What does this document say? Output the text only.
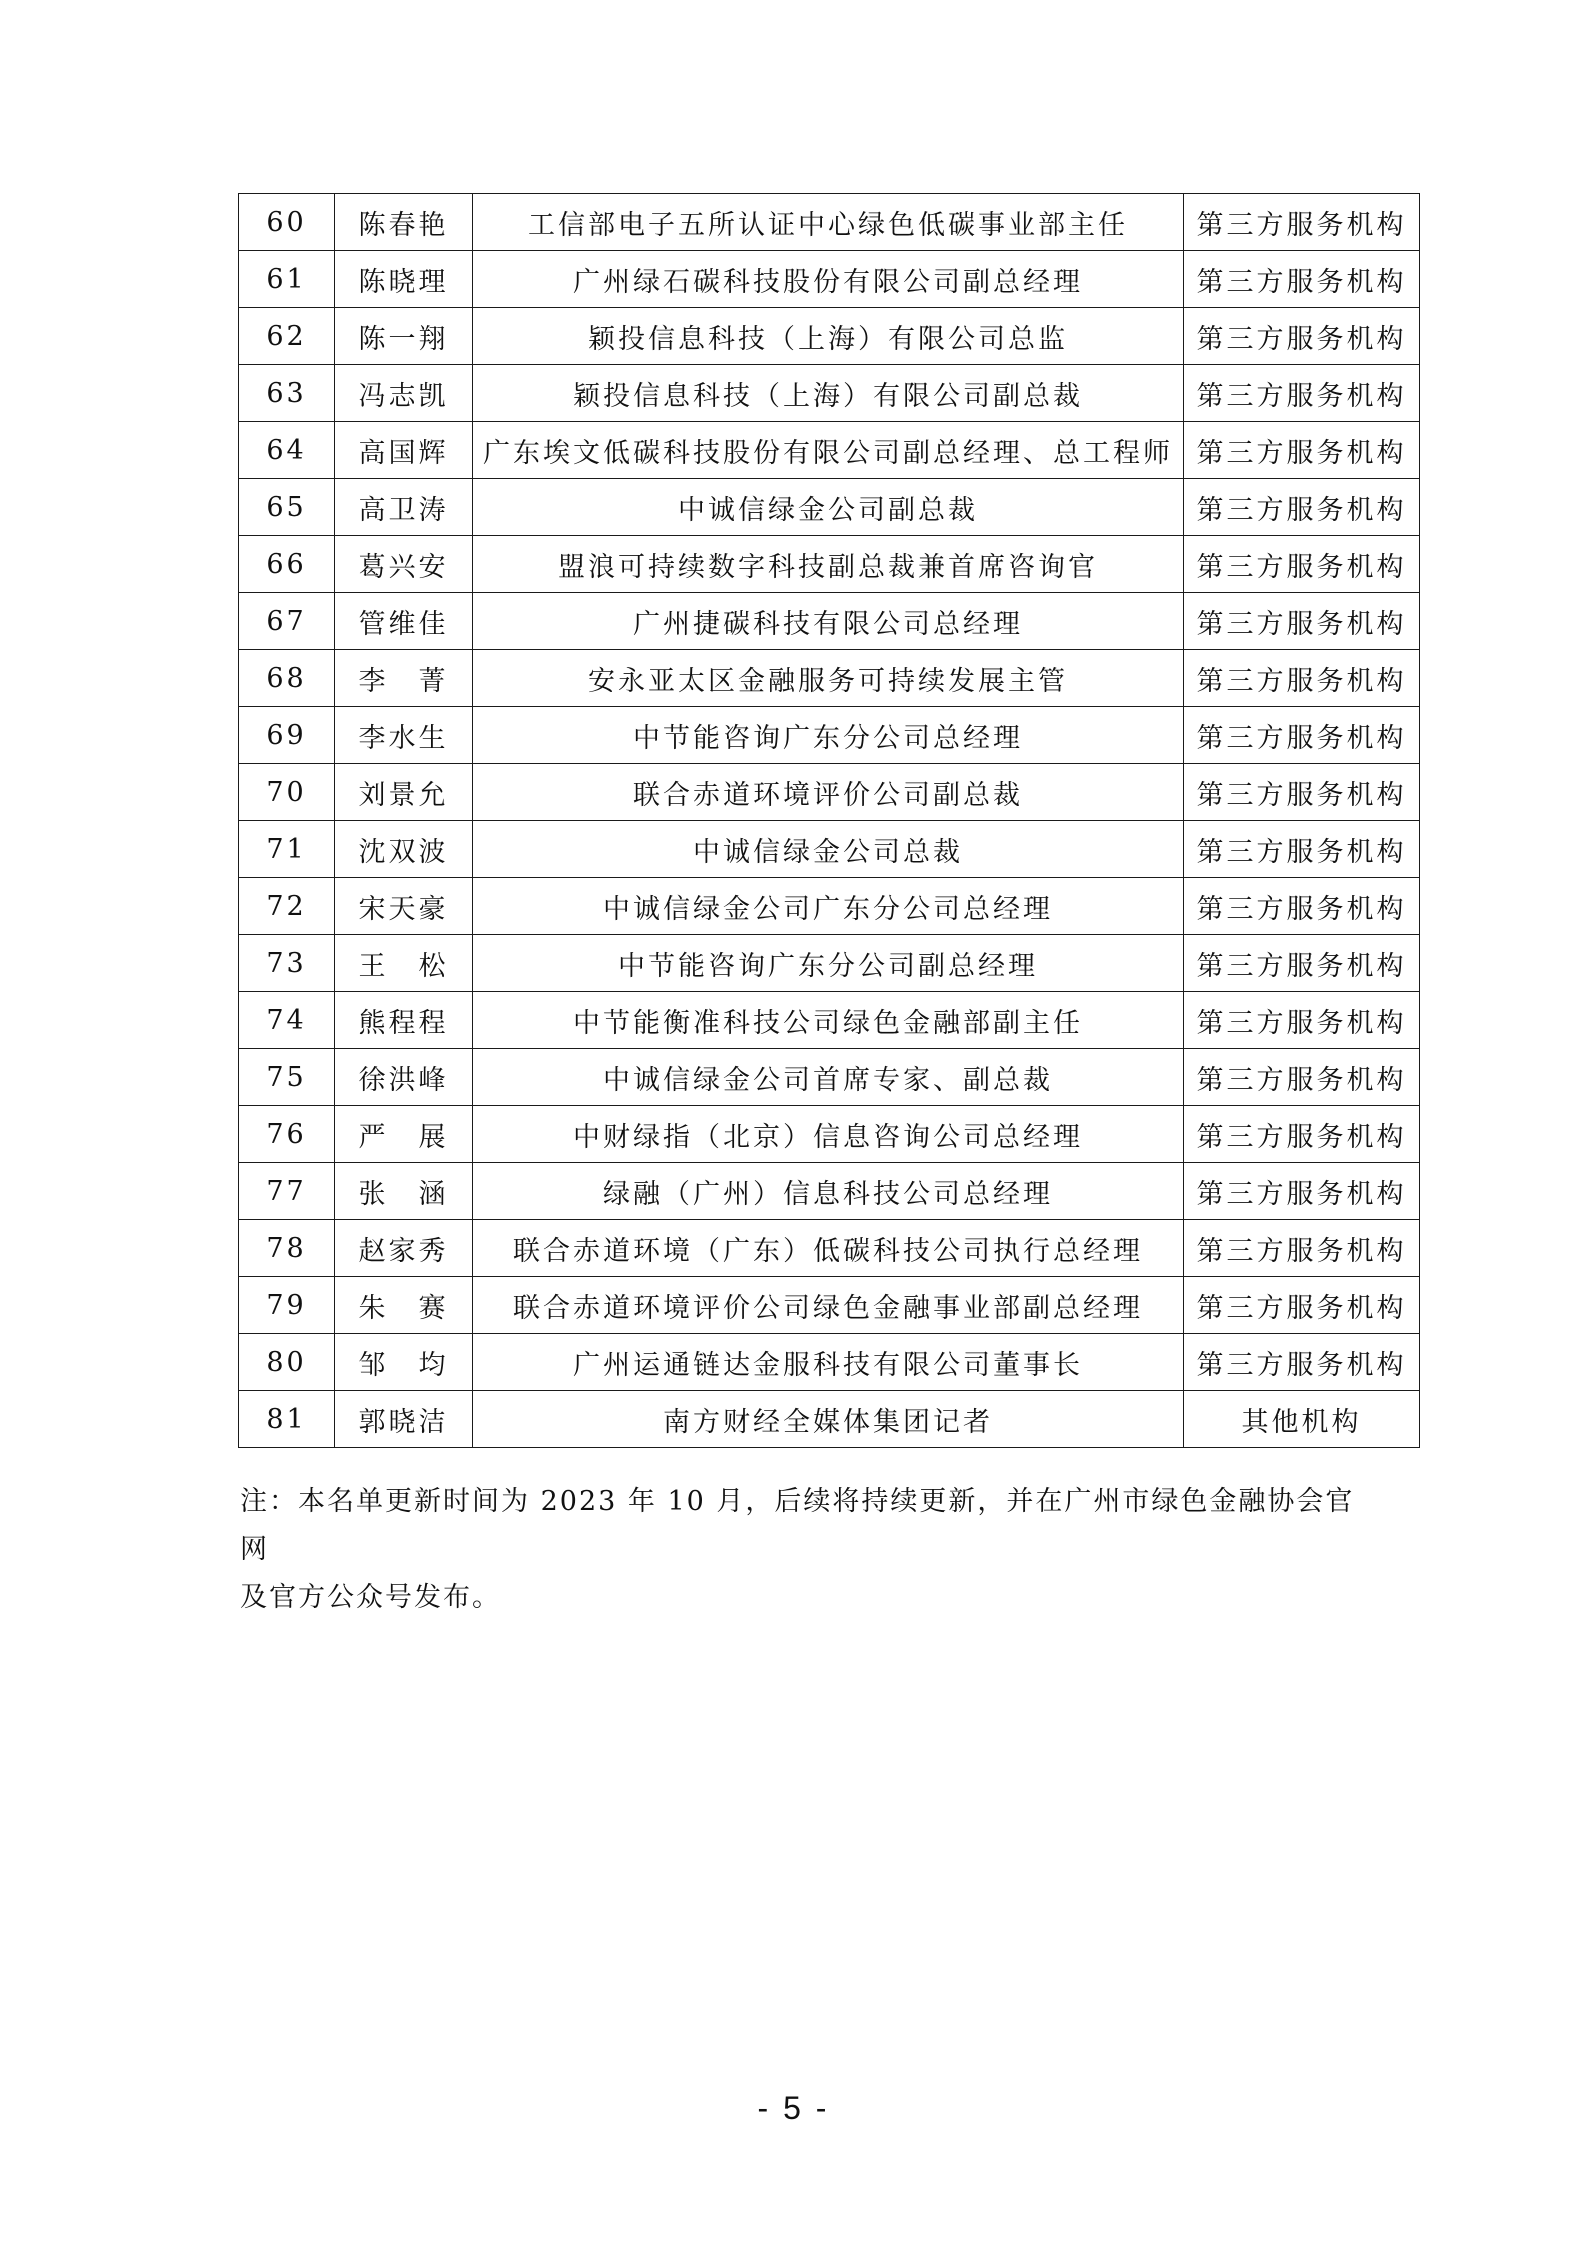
60	陈春艳	工信部电子五所认证中心绿色低碳事业部主任	第三方服务机构
61	陈晓理	广州绿石碳科技股份有限公司副总经理	第三方服务机构
62	陈一翔	颖投信息科技（上海）有限公司总监	第三方服务机构
63	冯志凯	颖投信息科技（上海）有限公司副总裁	第三方服务机构
64	高国辉	广东埃文低碳科技股份有限公司副总经理、总工程师	第三方服务机构
65	高卫涛	中诚信绿金公司副总裁	第三方服务机构
66	葛兴安	盟浪可持续数字科技副总裁兼首席咨询官	第三方服务机构
67	管维佳	广州捷碳科技有限公司总经理	第三方服务机构
68	李　菁	安永亚太区金融服务可持续发展主管	第三方服务机构
69	李水生	中节能咨询广东分公司总经理	第三方服务机构
70	刘景允	联合赤道环境评价公司副总裁	第三方服务机构
71	沈双波	中诚信绿金公司总裁	第三方服务机构
72	宋天豪	中诚信绿金公司广东分公司总经理	第三方服务机构
73	王　松	中节能咨询广东分公司副总经理	第三方服务机构
74	熊程程	中节能衡准科技公司绿色金融部副主任	第三方服务机构
75	徐洪峰	中诚信绿金公司首席专家、副总裁	第三方服务机构
76	严　展	中财绿指（北京）信息咨询公司总经理	第三方服务机构
77	张　涵	绿融（广州）信息科技公司总经理	第三方服务机构
78	赵家秀	联合赤道环境（广东）低碳科技公司执行总经理	第三方服务机构
79	朱　赛	联合赤道环境评价公司绿色金融事业部副总经理	第三方服务机构
80	邹　均	广州运通链达金服科技有限公司董事长	第三方服务机构
81	郭晓洁	南方财经全媒体集团记者	其他机构

注：本名单更新时间为 2023 年 10 月，后续将持续更新，并在广州市绿色金融协会官网

及官方公众号发布。

- 5 -
